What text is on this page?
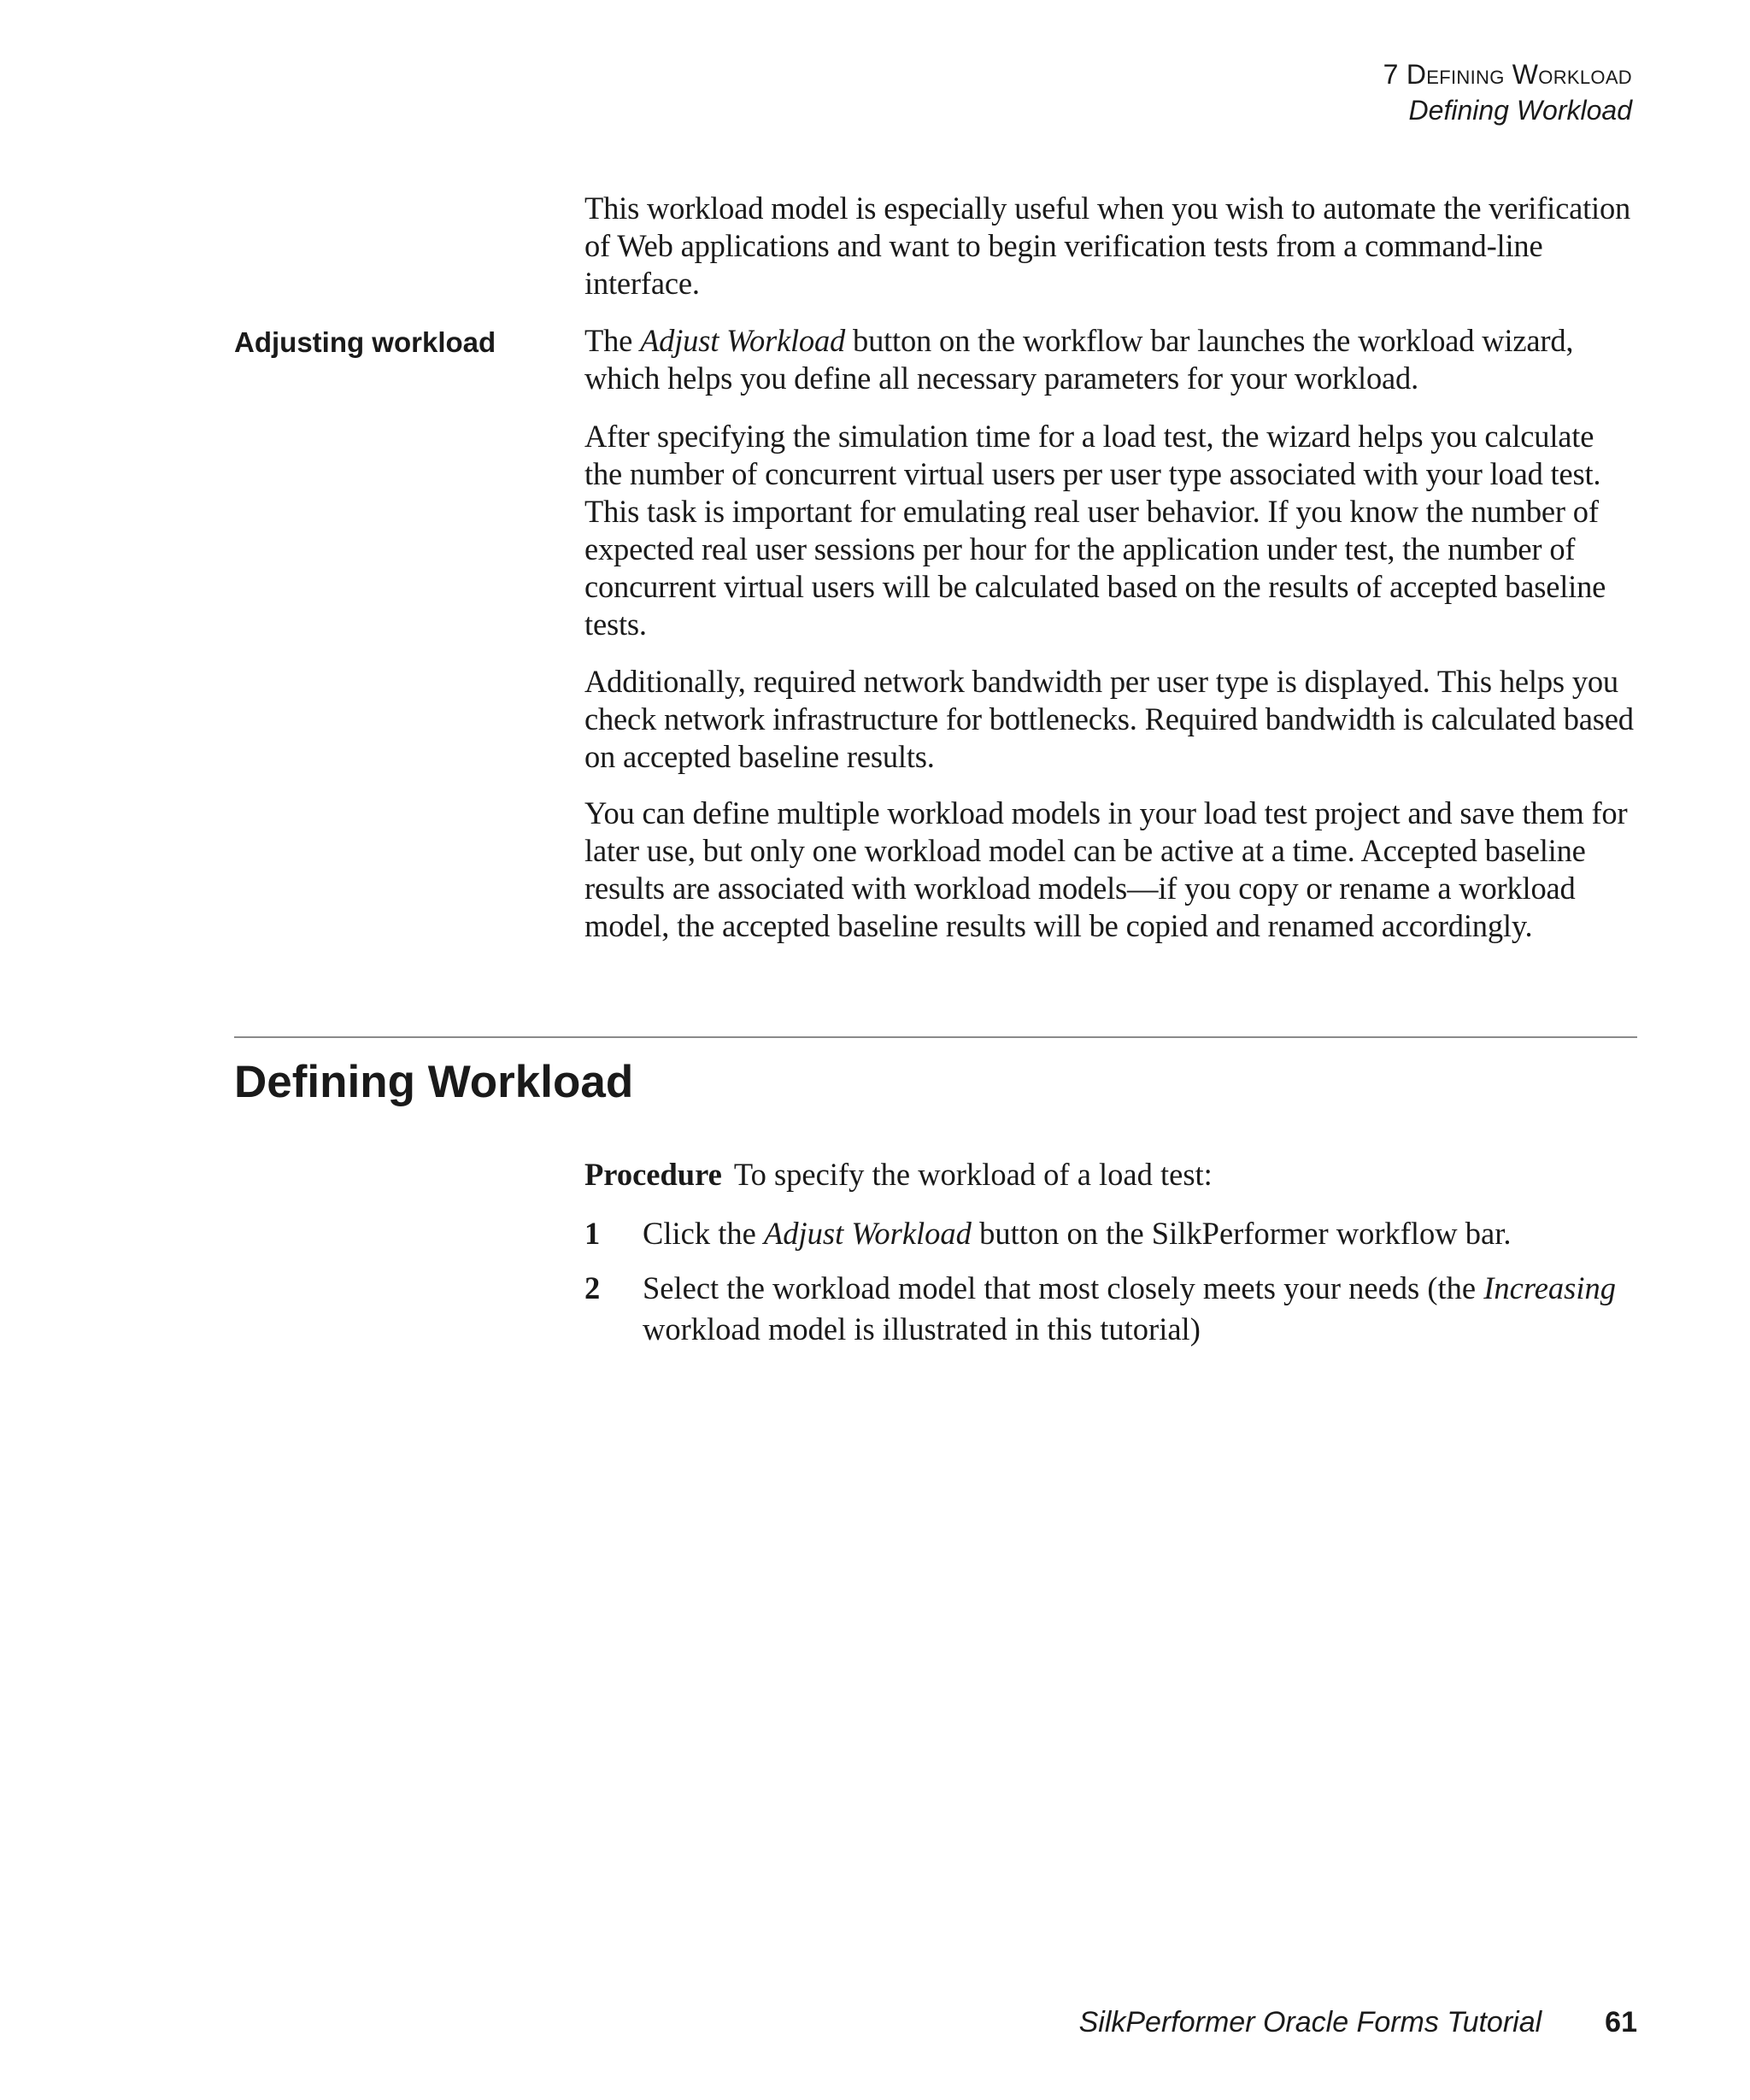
7 Defining Workload
Defining Workload

This workload model is especially useful when you wish to automate the verification of Web applications and want to begin verification tests from a command-line interface.

Adjusting workload	The Adjust Workload button on the workflow bar launches the workload wizard, which helps you define all necessary parameters for your workload.

After specifying the simulation time for a load test, the wizard helps you calculate the number of concurrent virtual users per user type associated with your load test. This task is important for emulating real user behavior. If you know the number of expected real user sessions per hour for the application under test, the number of concurrent virtual users will be calculated based on the results of accepted baseline tests.

Additionally, required network bandwidth per user type is displayed. This helps you check network infrastructure for bottlenecks. Required bandwidth is calculated based on accepted baseline results.

You can define multiple workload models in your load test project and save them for later use, but only one workload model can be active at a time. Accepted baseline results are associated with workload models—if you copy or rename a workload model, the accepted baseline results will be copied and renamed accordingly.

Defining Workload
Procedure To specify the workload of a load test:
1 Click the Adjust Workload button on the SilkPerformer workflow bar.
2 Select the workload model that most closely meets your needs (the Increasing workload model is illustrated in this tutorial)
SilkPerformer Oracle Forms Tutorial 61
